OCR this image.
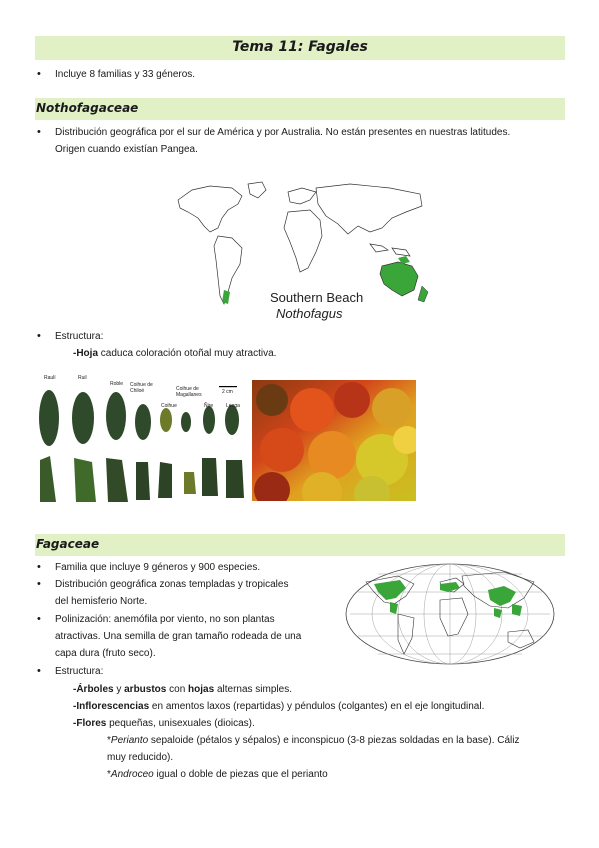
Tema 11: Fagales
•
Incluye 8 familias y 33 géneros.
Nothofagaceae
•
Distribución geográfica por el sur de América y por Australia. No están presentes en nuestras latitudes.
Origen cuando existían Pangea.
Southern Beach
Nothofagus
•
Estructura:
-Hoja caduca coloración otoñal muy atractiva.
Raulí	Ruil
Roble Coihue de Chiloé
Coihue
Coihue de Magallanes
Ñire	Lenga
2 cm
Fagaceae
•
Familia que incluye 9 géneros y 900 especies.
•
Distribución geográfica zonas templadas y tropicales
del hemisferio Norte.
•
Polinización: anemófila por viento, no son plantas
atractivas. Una semilla de gran tamaño rodeada de una
capa dura (fruto seco).
•
Estructura:
-Árboles y arbustos con hojas alternas simples.
-Inflorescencias en amentos laxos (repartidas) y péndulos (colgantes) en el eje longitudinal.
-Flores pequeñas, unisexuales (dioicas).
*Perianto sepaloide (pétalos y sépalos) e inconspicuo (3-8 piezas soldadas en la base). Cáliz
muy reducido).
*Androceo igual o doble de piezas que el perianto
